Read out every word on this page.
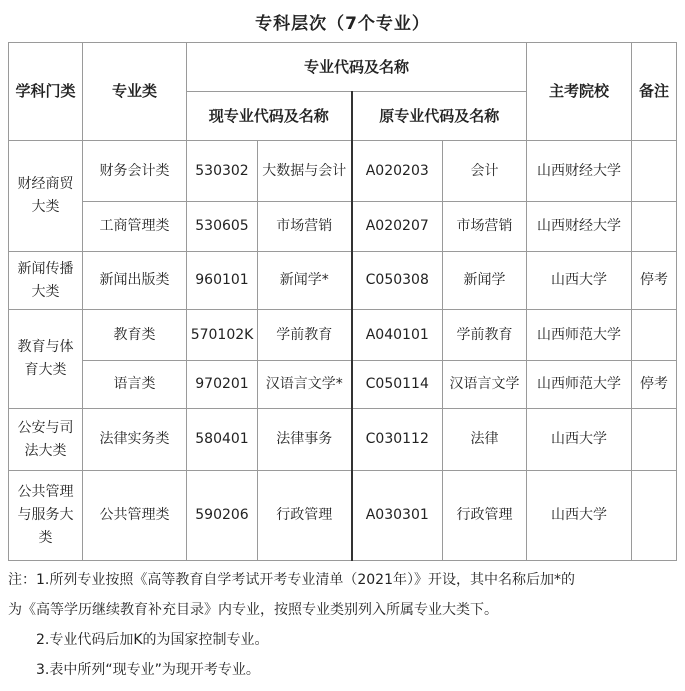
专科层次（7个专业）
学科门类	专业类	专业代码及名称				主考院校	备注
		现专业代码及名称		原专业代码及名称			
财经商贸大类	财务会计类	530302	大数据与会计	A020203	会计	山西财经大学	
	工商管理类	530605	市场营销	A020207	市场营销	山西财经大学	
新闻传播大类	新闻出版类	960101	新闻学*	C050308	新闻学	山西大学	停考
教育与体育大类	教育类	570102K	学前教育	A040101	学前教育	山西师范大学	
	语言类	970201	汉语言文学*	C050114	汉语言文学	山西师范大学	停考
公安与司法大类	法律实务类	580401	法律事务	C030112	法律	山西大学	
公共管理与服务大类	公共管理类	590206	行政管理	A030301	行政管理	山西大学	

注：1.所列专业按照《高等教育自学考试开考专业清单（2021年）》开设，其中名称后加*的

为《高等学历继续教育补充目录》内专业，按照专业类别列入所属专业大类下。

2.专业代码后加K的为国家控制专业。

3.表中所列“现专业”为现开考专业。
